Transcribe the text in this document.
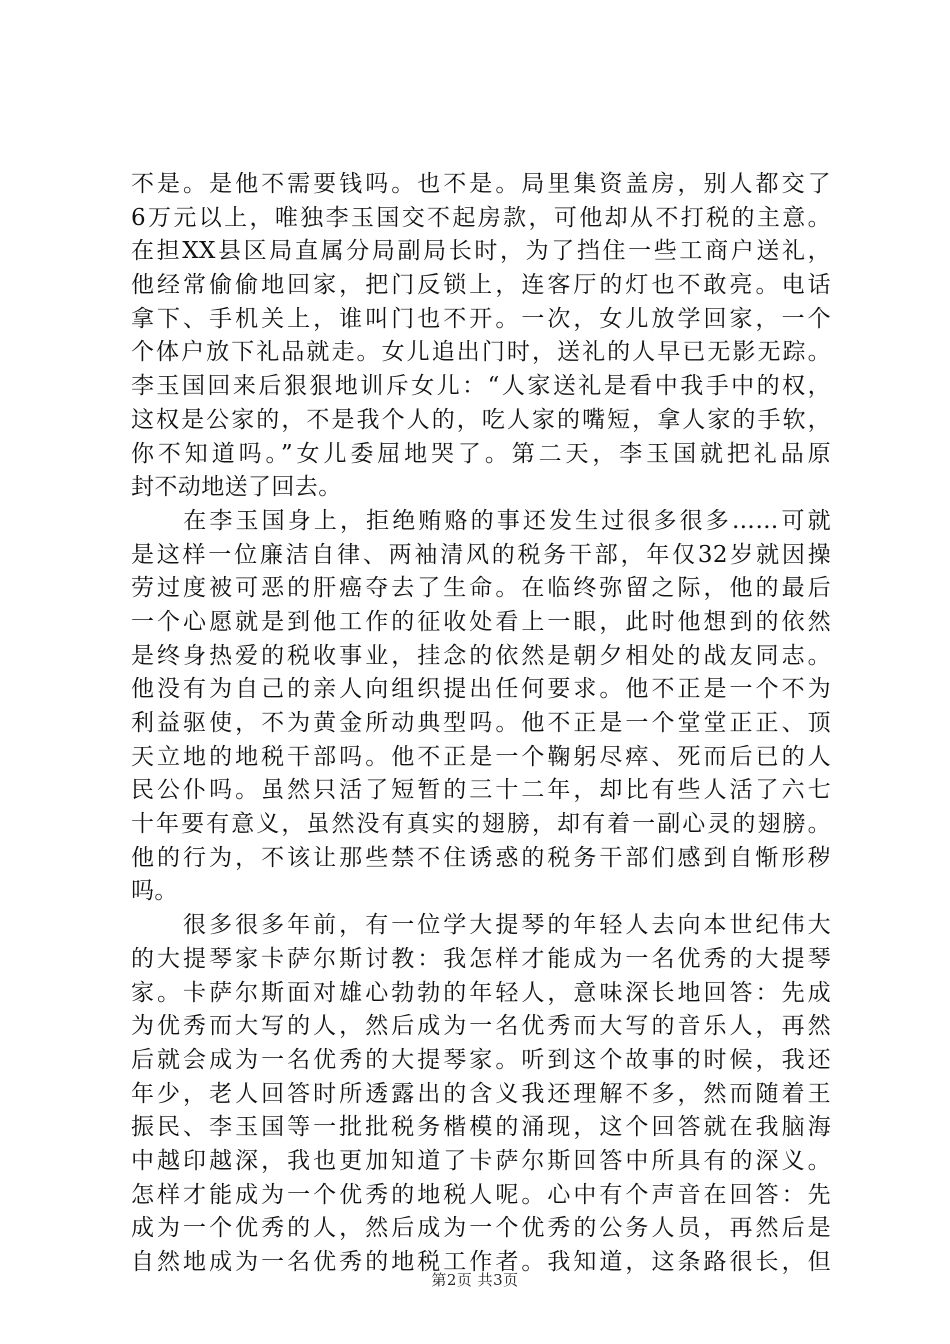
不是。是他不需要钱吗。也不是。局里集资盖房，别人都交了
6万元以上，唯独李玉国交不起房款，可他却从不打税的主意。
在担XX县区局直属分局副局长时，为了挡住一些工商户送礼，
他经常偷偷地回家，把门反锁上，连客厅的灯也不敢亮。电话
拿下、手机关上，谁叫门也不开。一次，女儿放学回家，一个
个体户放下礼品就走。女儿追出门时，送礼的人早已无影无踪。
李玉国回来后狠狠地训斥女儿：“人家送礼是看中我手中的权，
这权是公家的，不是我个人的，吃人家的嘴短，拿人家的手软，
你不知道吗。”女儿委屈地哭了。第二天，李玉国就把礼品原
封不动地送了回去。
　　在李玉国身上，拒绝贿赂的事还发生过很多很多……可就
是这样一位廉洁自律、两袖清风的税务干部，年仅32岁就因操
劳过度被可恶的肝癌夺去了生命。在临终弥留之际，他的最后
一个心愿就是到他工作的征收处看上一眼，此时他想到的依然
是终身热爱的税收事业，挂念的依然是朝夕相处的战友同志。
他没有为自己的亲人向组织提出任何要求。他不正是一个不为
利益驱使，不为黄金所动典型吗。他不正是一个堂堂正正、顶
天立地的地税干部吗。他不正是一个鞠躬尽瘁、死而后已的人
民公仆吗。虽然只活了短暂的三十二年，却比有些人活了六七
十年要有意义，虽然没有真实的翅膀，却有着一副心灵的翅膀。
他的行为，不该让那些禁不住诱惑的税务干部们感到自惭形秽
吗。
　　很多很多年前，有一位学大提琴的年轻人去向本世纪伟大
的大提琴家卡萨尔斯讨教：我怎样才能成为一名优秀的大提琴
家。卡萨尔斯面对雄心勃勃的年轻人，意味深长地回答：先成
为优秀而大写的人，然后成为一名优秀而大写的音乐人，再然
后就会成为一名优秀的大提琴家。听到这个故事的时候，我还
年少，老人回答时所透露出的含义我还理解不多，然而随着王
振民、李玉国等一批批税务楷模的涌现，这个回答就在我脑海
中越印越深，我也更加知道了卡萨尔斯回答中所具有的深义。
怎样才能成为一个优秀的地税人呢。心中有个声音在回答：先
成为一个优秀的人，然后成为一个优秀的公务人员，再然后是
自然地成为一名优秀的地税工作者。我知道，这条路很长，但
第2页 共3页
